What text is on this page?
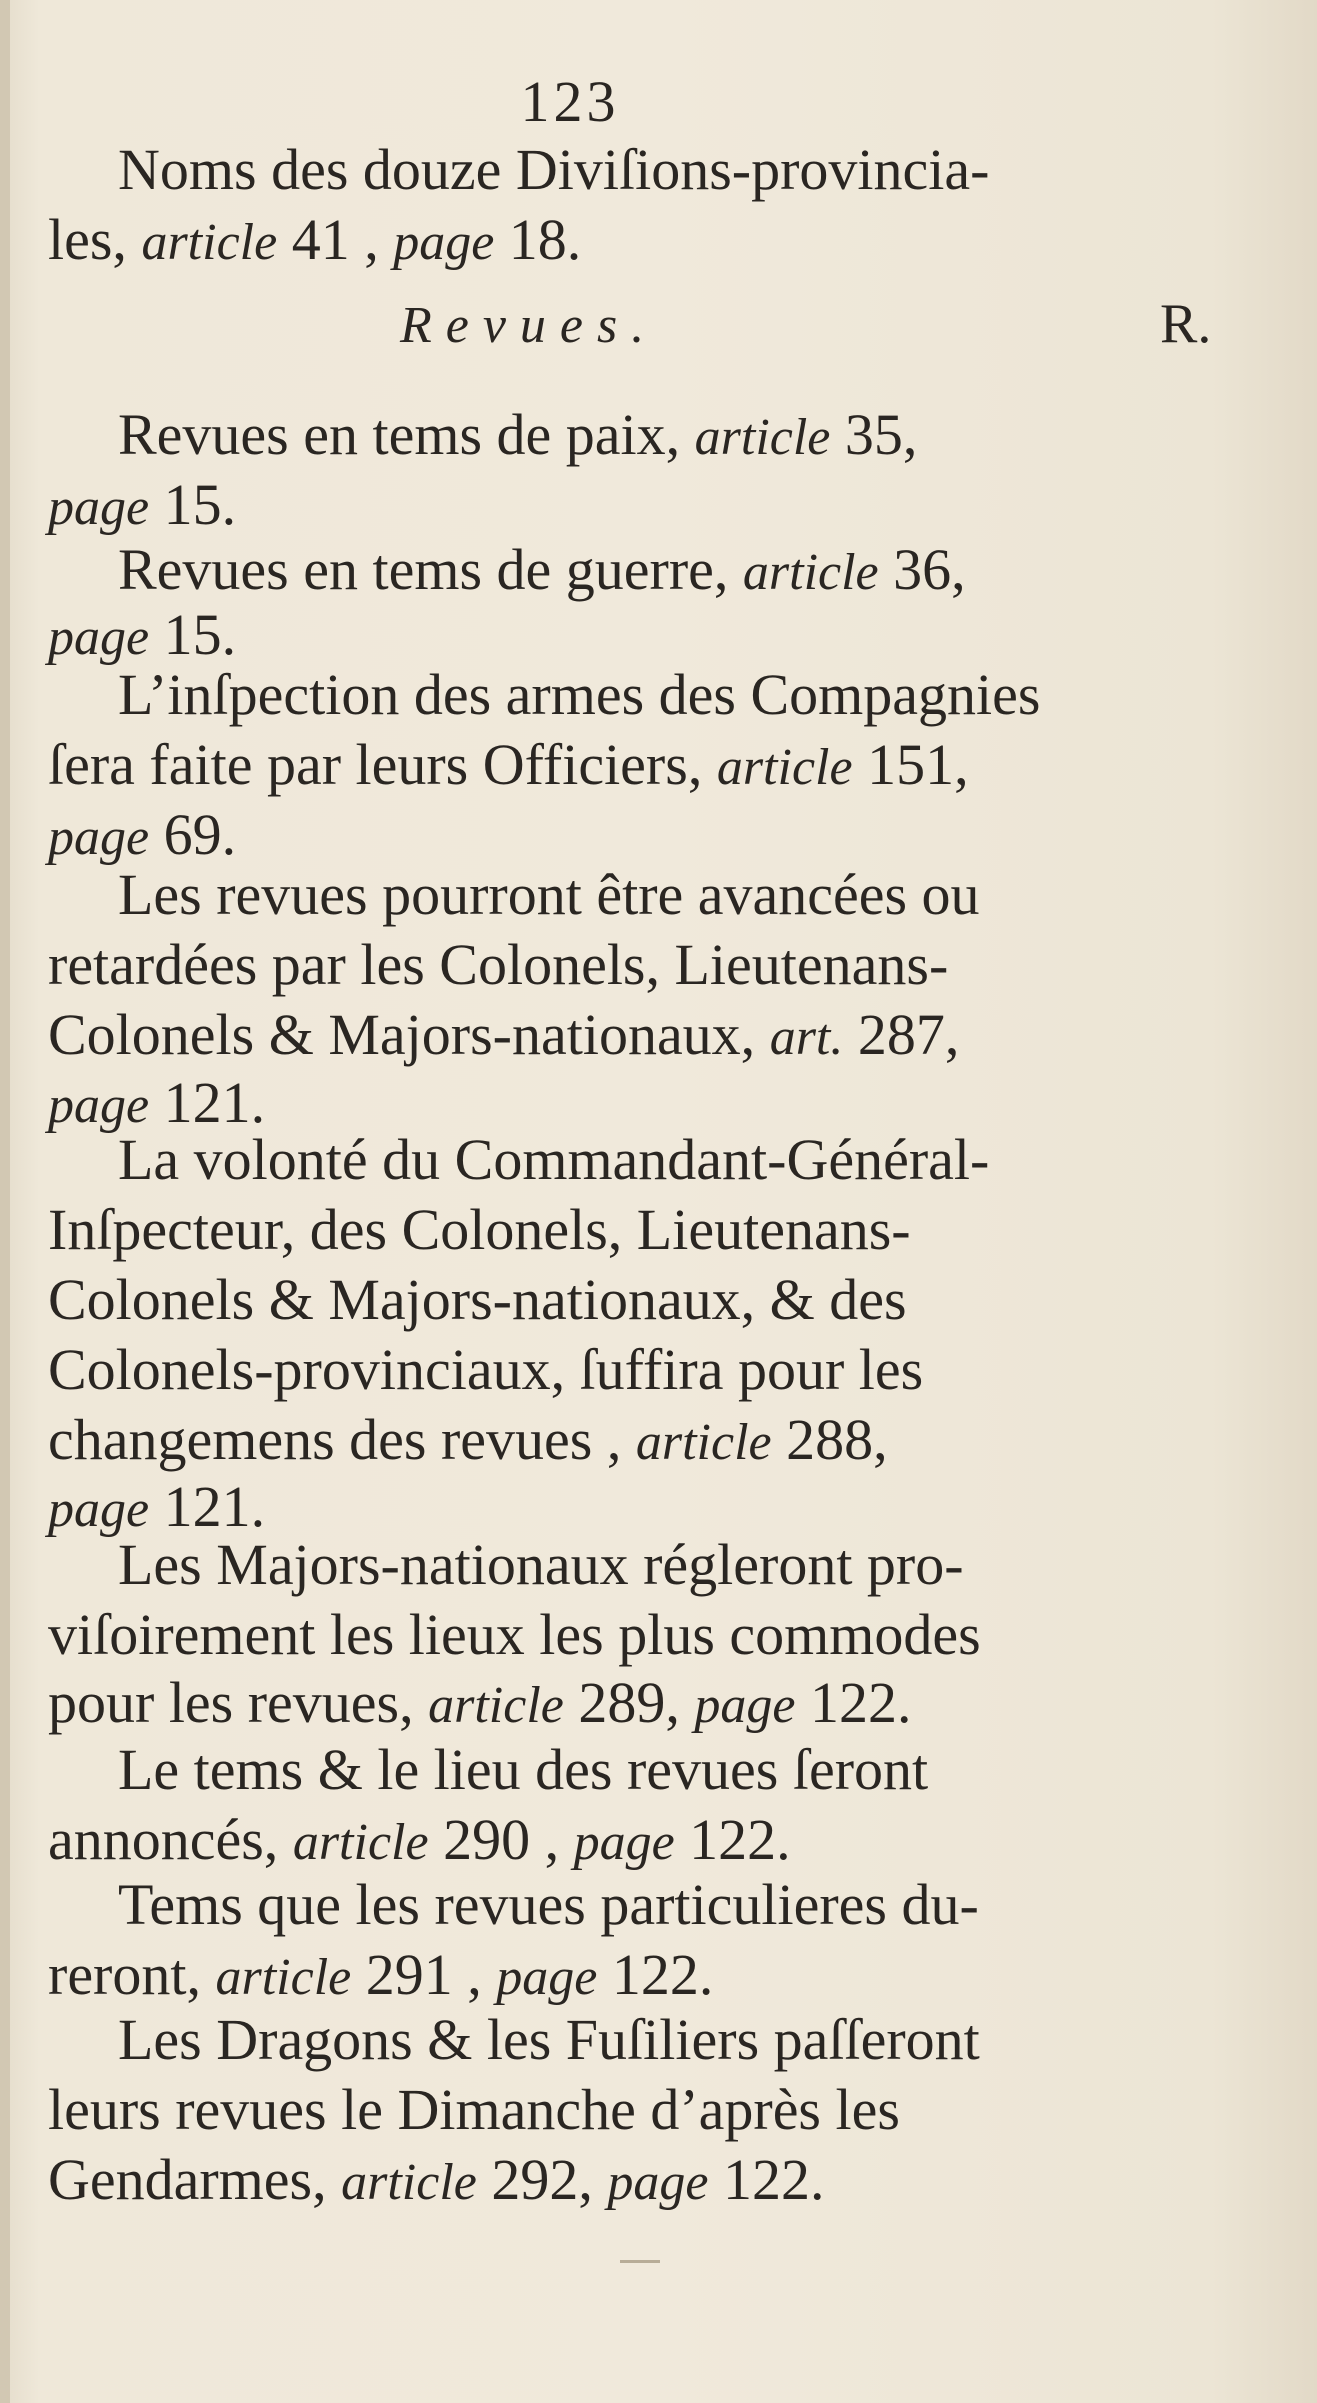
123
Revues.	R.
Noms des douze Diviſions-provincia-
les, article 41 , page 18.
Revues en tems de paix, article 35,
page 15.
Revues en tems de guerre, article 36,
page 15.
L’inſpection des armes des Compagnies
ſera faite par leurs Officiers, article 151,
page 69.
Les revues pourront être avancées ou
retardées par les Colonels, Lieutenans-
Colonels & Majors-nationaux, art. 287,
page 121.
La volonté du Commandant-Général-
Inſpecteur, des Colonels, Lieutenans-
Colonels & Majors-nationaux, & des
Colonels-provinciaux, ſuffira pour les
changemens des revues , article 288,
page 121.
Les Majors-nationaux régleront pro-
viſoirement les lieux les plus commodes
pour les revues, article 289, page 122.
Le tems & le lieu des revues ſeront
annoncés, article 290 , page 122.
Tems que les revues particulieres du-
reront, article 291 , page 122.
Les Dragons & les Fuſiliers paſſeront
leurs revues le Dimanche d’après les
Gendarmes, article 292, page 122.
